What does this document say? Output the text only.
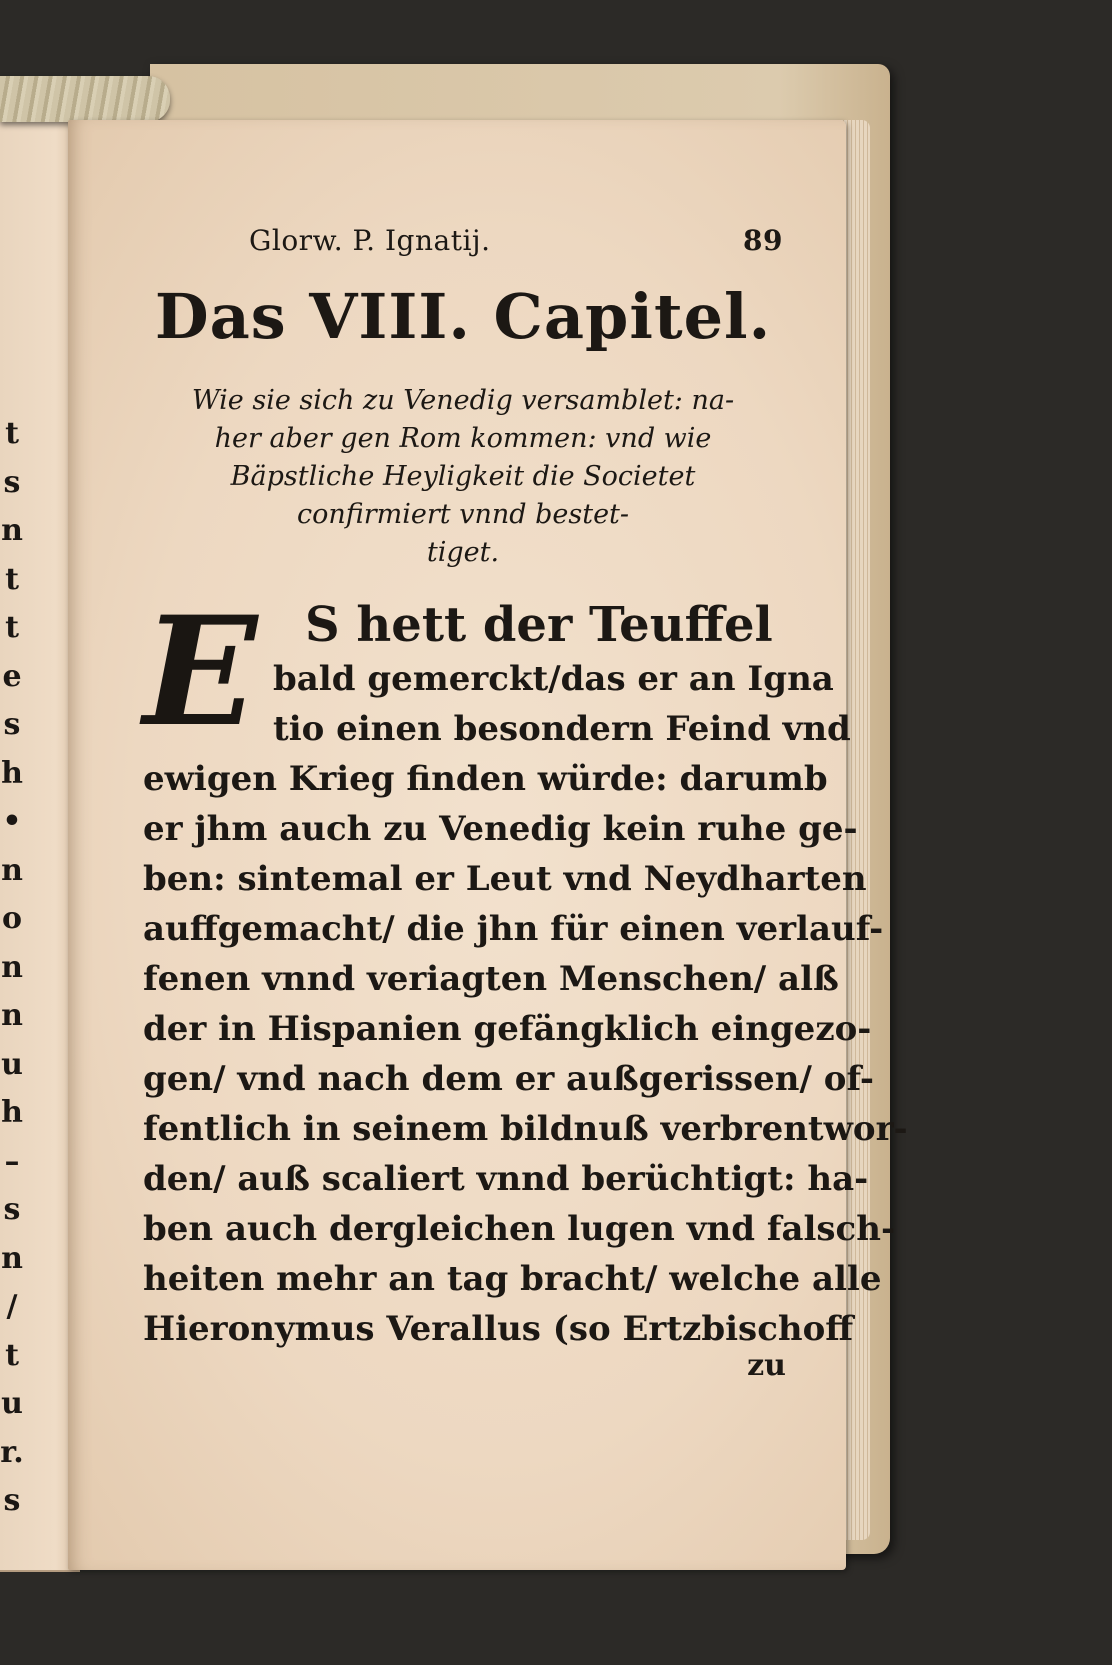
t
s
n
t
t
e
s
h
•
n
o
n
n
u
h
–
s
n
/
t
u
r.
s
Glorw. P. Ignatij.	89
Das VIII. Capitel.
Wie sie sich zu Venedig versamblet: na-
her aber gen Rom kommen: vnd wie
Bäpstliche Heyligkeit die Societet
confirmiert vnnd bestet-
tiget.
E S hett der Teuffel
bald gemerckt/das er an Igna
tio einen besondern Feind vnd
ewigen Krieg finden würde: darumb
er jhm auch zu Venedig kein ruhe ge-
ben: sintemal er Leut vnd Neydharten
auffgemacht/ die jhn für einen verlauf-
fenen vnnd veriagten Menschen/ alß
der in Hispanien gefängklich eingezo-
gen/ vnd nach dem er außgerissen/ of-
fentlich in seinem bildnuß verbrentwor-
den/ auß scaliert vnnd berüchtigt: ha-
ben auch dergleichen lugen vnd falsch-
heiten mehr an tag bracht/ welche alle
Hieronymus Verallus (so Ertzbischoff
zu
